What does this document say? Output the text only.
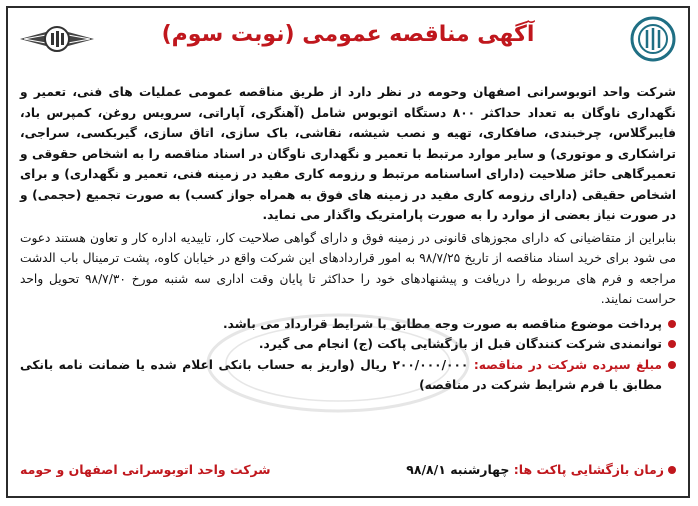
آگهی مناقصه عمومی (نوبت سوم)

شرکت واحد اتوبوسرانی اصفهان وحومه در نظر دارد از طریق مناقصه عمومی عملیات های فنی، تعمیر و نگهداری ناوگان به تعداد حداکثر ۸۰۰ دستگاه اتوبوس شامل (آهنگری، آپاراتی، سرویس روغن، کمپرس باد، فایبرگلاس، چرخبندی، صافکاری، تهیه و نصب شیشه، نقاشی، باک سازی، اتاق سازی، گیربکسی، سراجی، تراشکاری و موتوری) و سایر موارد مرتبط با تعمیر و نگهداری ناوگان در اسناد مناقصه را به اشخاص حقوقی و تعمیرگاهی حائز صلاحیت (دارای اساسنامه مرتبط و رزومه کاری مفید در زمینه فنی، تعمیر و نگهداری) و برای اشخاص حقیقی (دارای رزومه کاری مفید در زمینه های فوق به همراه جواز کسب) به صورت تجمیع (حجمی) و در صورت نیاز بعضی از موارد را به صورت پارامتریک واگذار می نماید.

بنابراین از متقاضیانی که دارای مجوزهای قانونی در زمینه فوق و دارای گواهی صلاحیت کار، تاییدیه اداره کار و تعاون هستند دعوت می شود برای خرید اسناد مناقصه از تاریخ ۹۸/۷/۲۵ به امور قراردادهای این شرکت واقع در خیابان کاوه، پشت ترمینال باب الدشت مراجعه و فرم های مربوطه را دریافت و پیشنهادهای خود را حداکثر تا پایان وقت اداری سه شنبه مورخ ۹۸/۷/۳۰ تحویل واحد حراست نمایند.

پرداخت موضوع مناقصه به صورت وجه مطابق با شرایط قرارداد می باشد.
توانمندی شرکت کنندگان قبل از بازگشایی پاکت (ج) انجام می گیرد.
مبلغ سپرده شرکت در مناقصه: ۲۰۰/۰۰۰/۰۰۰ ریال (واریز به حساب بانکی اعلام شده یا ضمانت نامه بانکی مطابق با فرم شرایط شرکت در مناقصه)
زمان بازگشایی پاکت ها: چهارشنبه ۹۸/۸/۱
شرکت واحد اتوبوسرانی اصفهان و حومه
